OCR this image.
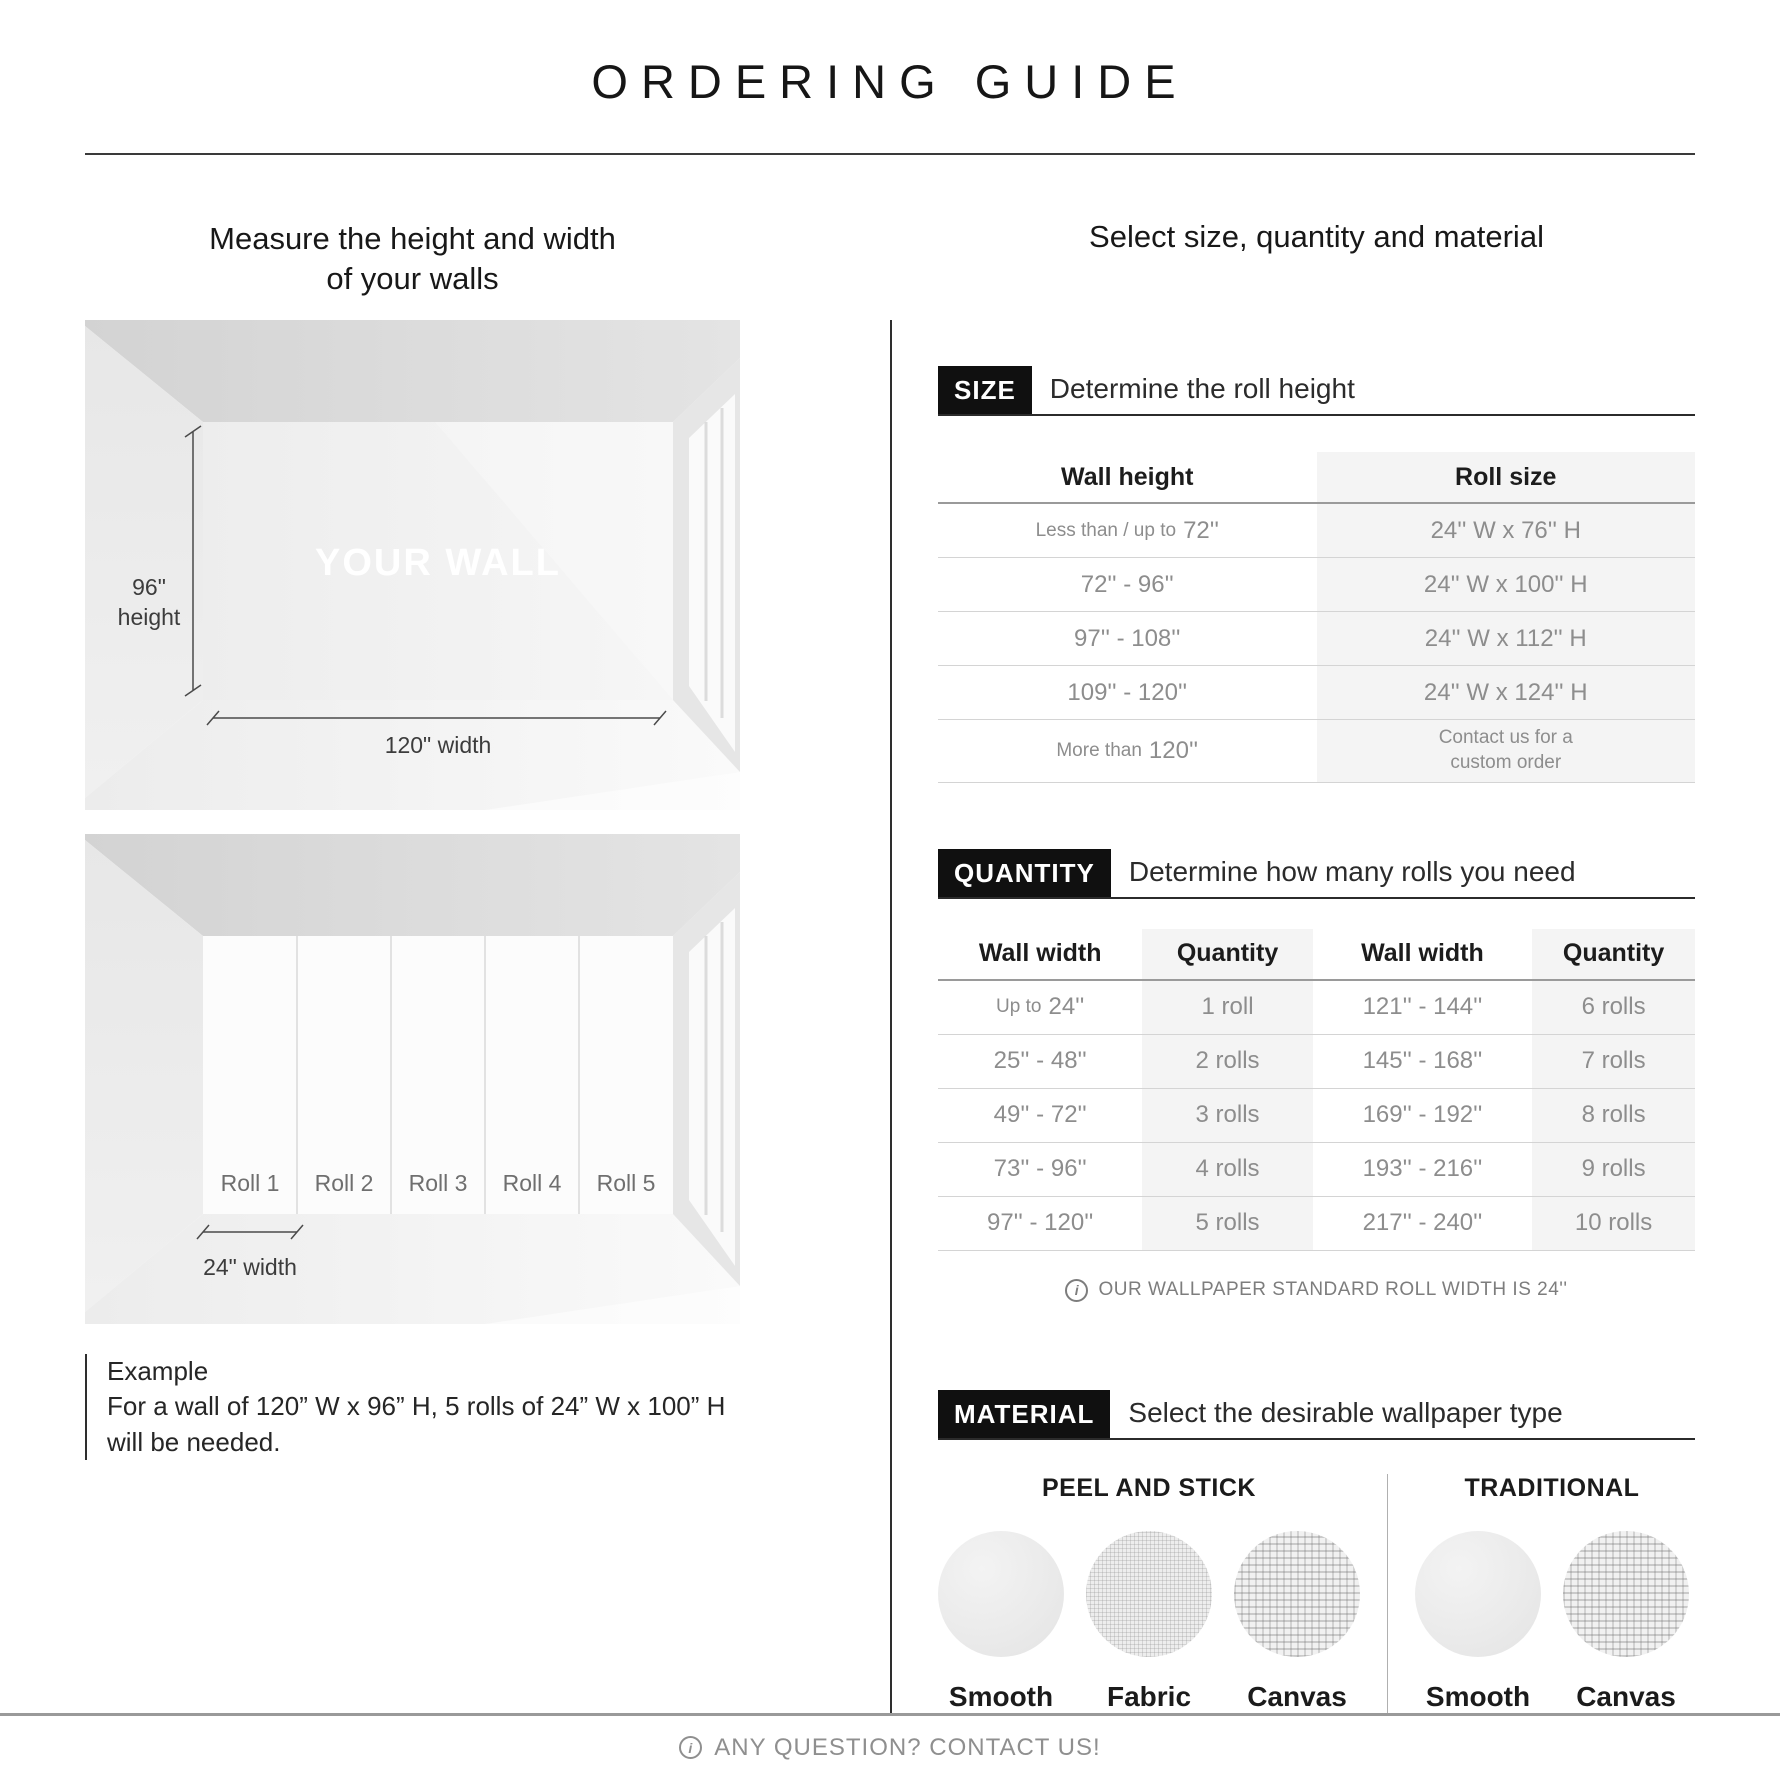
ORDERING GUIDE
Measure the height and width
of your walls
Select size, quantity and material
YOUR WALL
96"
height
120" width
Roll 1	Roll 2	Roll 3	Roll 4	Roll 5
24" width
Example
For a wall of 120” W x 96” H, 5 rolls of 24” W x 100” H
will be needed.
SIZE	Determine the roll height
Wall height	Roll size
Less than / up to 72''	24'' W x 76'' H
72'' - 96''	24'' W x 100'' H
97'' - 108''	24'' W x 112'' H
109'' - 120''	24'' W x 124'' H
More than 120''	Contact us for a
custom order
QUANTITY	Determine how many rolls you need
Wall width	Quantity	Wall width	Quantity
Up to 24''	1 roll	121'' - 144''	6 rolls
25'' - 48''	2 rolls	145'' - 168''	7 rolls
49'' - 72''	3 rolls	169'' - 192''	8 rolls
73'' - 96''	4 rolls	193'' - 216''	9 rolls
97'' - 120''	5 rolls	217'' - 240''	10 rolls
i	OUR WALLPAPER STANDARD ROLL WIDTH IS 24''
MATERIAL	Select the desirable wallpaper type
PEEL AND STICK
Smooth	Fabric	Canvas
TRADITIONAL
Smooth	Canvas
i ANY QUESTION? CONTACT US!
